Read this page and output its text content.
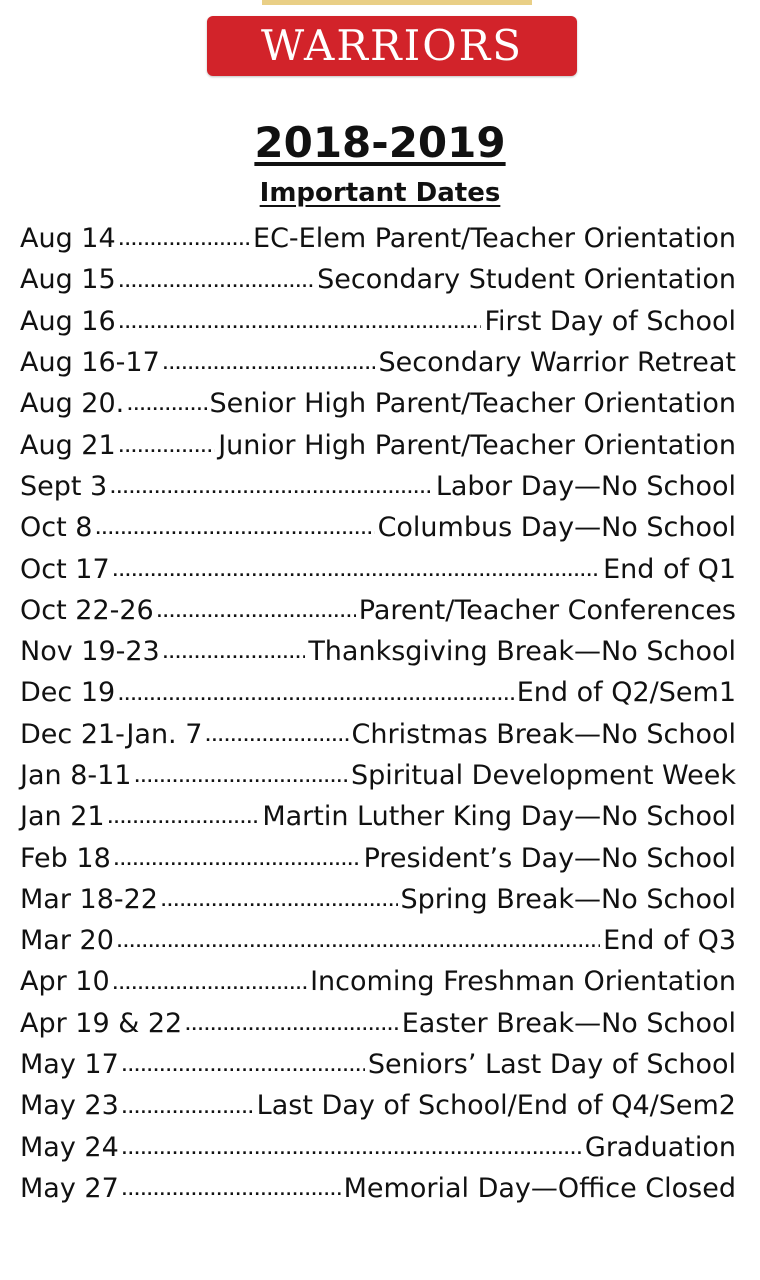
WARRIORS
2018-2019
Important Dates
Aug 14 .....	EC-Elem Parent/Teacher Orientation
Aug 15 .....	Secondary Student Orientation
Aug 16 .....	First Day of School
Aug 16-17 .....	Secondary Warrior Retreat
Aug 20. .....	Senior High Parent/Teacher Orientation
Aug 21 .....	Junior High Parent/Teacher Orientation
Sept 3 .....	Labor Day—No School
Oct 8 .....	Columbus Day—No School
Oct 17 .....	End of Q1
Oct 22-26 .....	Parent/Teacher Conferences
Nov 19-23 .....	Thanksgiving Break—No School
Dec 19 .....	End of Q2/Sem1
Dec 21-Jan. 7 .....	Christmas Break—No School
Jan 8-11 .....	Spiritual Development Week
Jan 21 .....	Martin Luther King Day—No School
Feb 18 .....	President’s Day—No School
Mar 18-22 .....	Spring Break—No School
Mar 20 .....	End of Q3
Apr 10 .....	Incoming Freshman Orientation
Apr 19 & 22 .....	Easter Break—No School
May 17 .....	Seniors’ Last Day of School
May 23 .....	Last Day of School/End of Q4/Sem2
May 24 .....	Graduation
May 27 .....	Memorial Day—Office Closed
